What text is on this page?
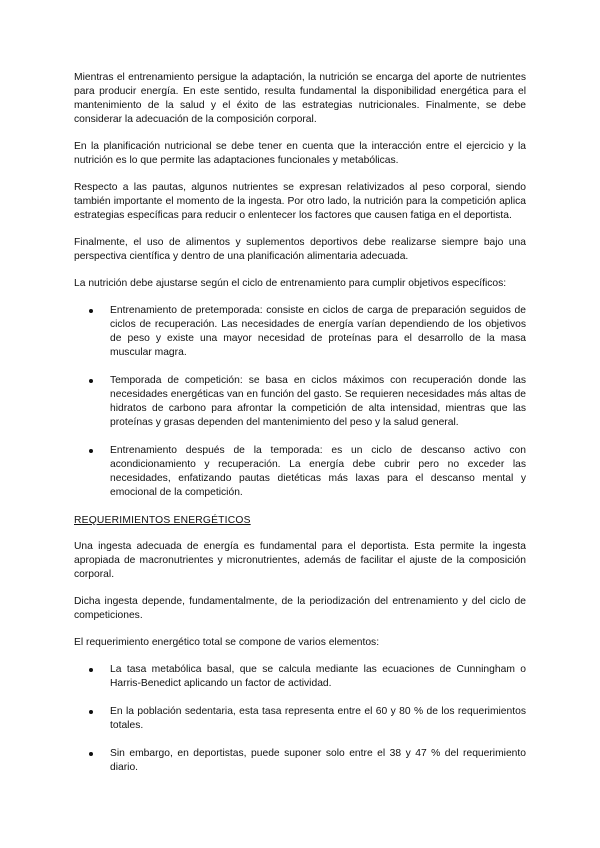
Mientras el entrenamiento persigue la adaptación, la nutrición se encarga del aporte de nutrientes para producir energía. En este sentido, resulta fundamental la disponibilidad energética para el mantenimiento de la salud y el éxito de las estrategias nutricionales. Finalmente, se debe considerar la adecuación de la composición corporal.

En la planificación nutricional se debe tener en cuenta que la interacción entre el ejercicio y la nutrición es lo que permite las adaptaciones funcionales y metabólicas.

Respecto a las pautas, algunos nutrientes se expresan relativizados al peso corporal, siendo también importante el momento de la ingesta. Por otro lado, la nutrición para la competición aplica estrategias específicas para reducir o enlentecer los factores que causen fatiga en el deportista.

Finalmente, el uso de alimentos y suplementos deportivos debe realizarse siempre bajo una perspectiva científica y dentro de una planificación alimentaria adecuada.

La nutrición debe ajustarse según el ciclo de entrenamiento para cumplir objetivos específicos:

Entrenamiento de pretemporada: consiste en ciclos de carga de preparación seguidos de ciclos de recuperación. Las necesidades de energía varían dependiendo de los objetivos de peso y existe una mayor necesidad de proteínas para el desarrollo de la masa muscular magra.
Temporada de competición: se basa en ciclos máximos con recuperación donde las necesidades energéticas van en función del gasto. Se requieren necesidades más altas de hidratos de carbono para afrontar la competición de alta intensidad, mientras que las proteínas y grasas dependen del mantenimiento del peso y la salud general.
Entrenamiento después de la temporada: es un ciclo de descanso activo con acondicionamiento y recuperación. La energía debe cubrir pero no exceder las necesidades, enfatizando pautas dietéticas más laxas para el descanso mental y emocional de la competición.
REQUERIMIENTOS ENERGÉTICOS

Una ingesta adecuada de energía es fundamental para el deportista. Esta permite la ingesta apropiada de macronutrientes y micronutrientes, además de facilitar el ajuste de la composición corporal.

Dicha ingesta depende, fundamentalmente, de la periodización del entrenamiento y del ciclo de competiciones.

El requerimiento energético total se compone de varios elementos:

La tasa metabólica basal, que se calcula mediante las ecuaciones de Cunningham o Harris-Benedict aplicando un factor de actividad.
En la población sedentaria, esta tasa representa entre el 60 y 80 % de los requerimientos totales.
Sin embargo, en deportistas, puede suponer solo entre el 38 y 47 % del requerimiento diario.
